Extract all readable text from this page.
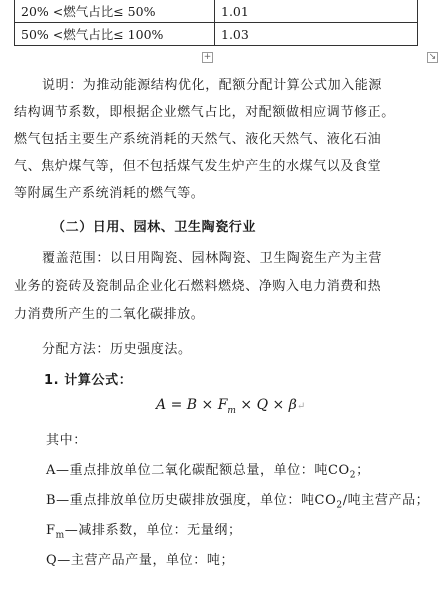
20% <燃气占比≤ 50%	1.01
50% <燃气占比≤ 100%	1.03
+	↘
说明：为推动能源结构优化，配额分配计算公式加入能源
结构调节系数，即根据企业燃气占比，对配额做相应调节修正。
燃气包括主要生产系统消耗的天然气、液化天然气、液化石油
气、焦炉煤气等，但不包括煤气发生炉产生的水煤气以及食堂
等附属生产系统消耗的燃气等。
（二）日用、园林、卫生陶瓷行业
覆盖范围：以日用陶瓷、园林陶瓷、卫生陶瓷生产为主营
业务的瓷砖及瓷制品企业化石燃料燃烧、净购入电力消费和热
力消费所产生的二氧化碳排放。
分配方法：历史强度法。
1. 计算公式：
$A = B \times F_m \times Q$ × β↵
其中：
A—重点排放单位二氧化碳配额总量，单位：吨$CO_2$；
B—重点排放单位历史碳排放强度，单位：吨$CO_2/$吨主营产品；
$F_m—$减排系数，单位：无量纲；
Q—主营产品产量，单位：吨；
